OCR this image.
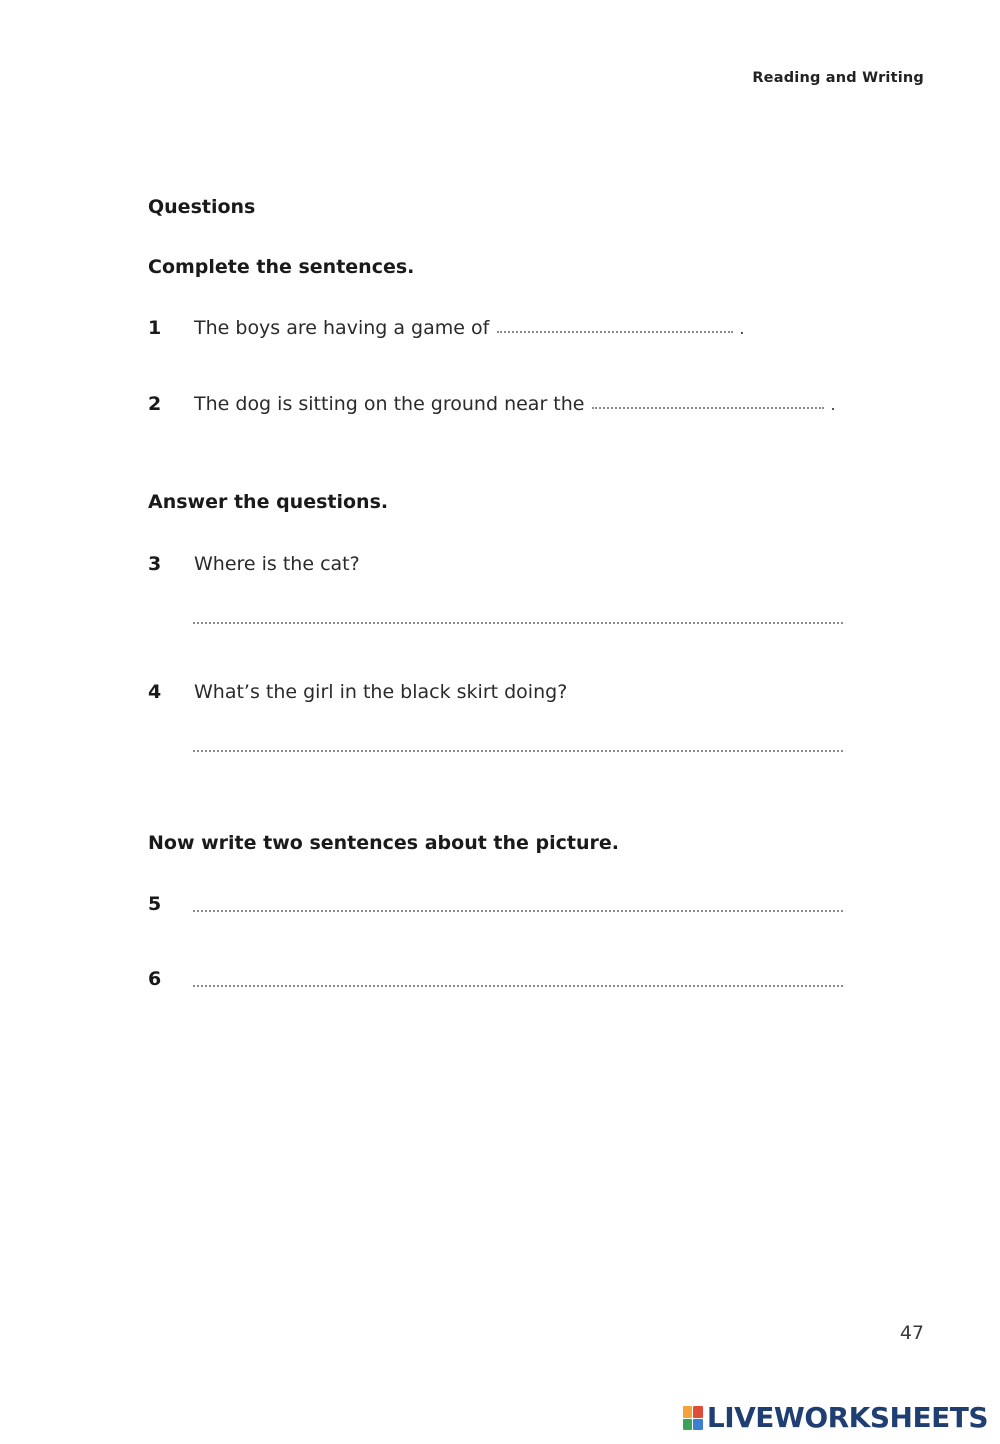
Reading and Writing
Questions
Complete the sentences.
1 The boys are having a game of	.
2 The dog is sitting on the ground near the	.
Answer the questions.
3 Where is the cat?
4 What’s the girl in the black skirt doing?
Now write two sentences about the picture.
5
6
47
LIVEWORKSHEETS
